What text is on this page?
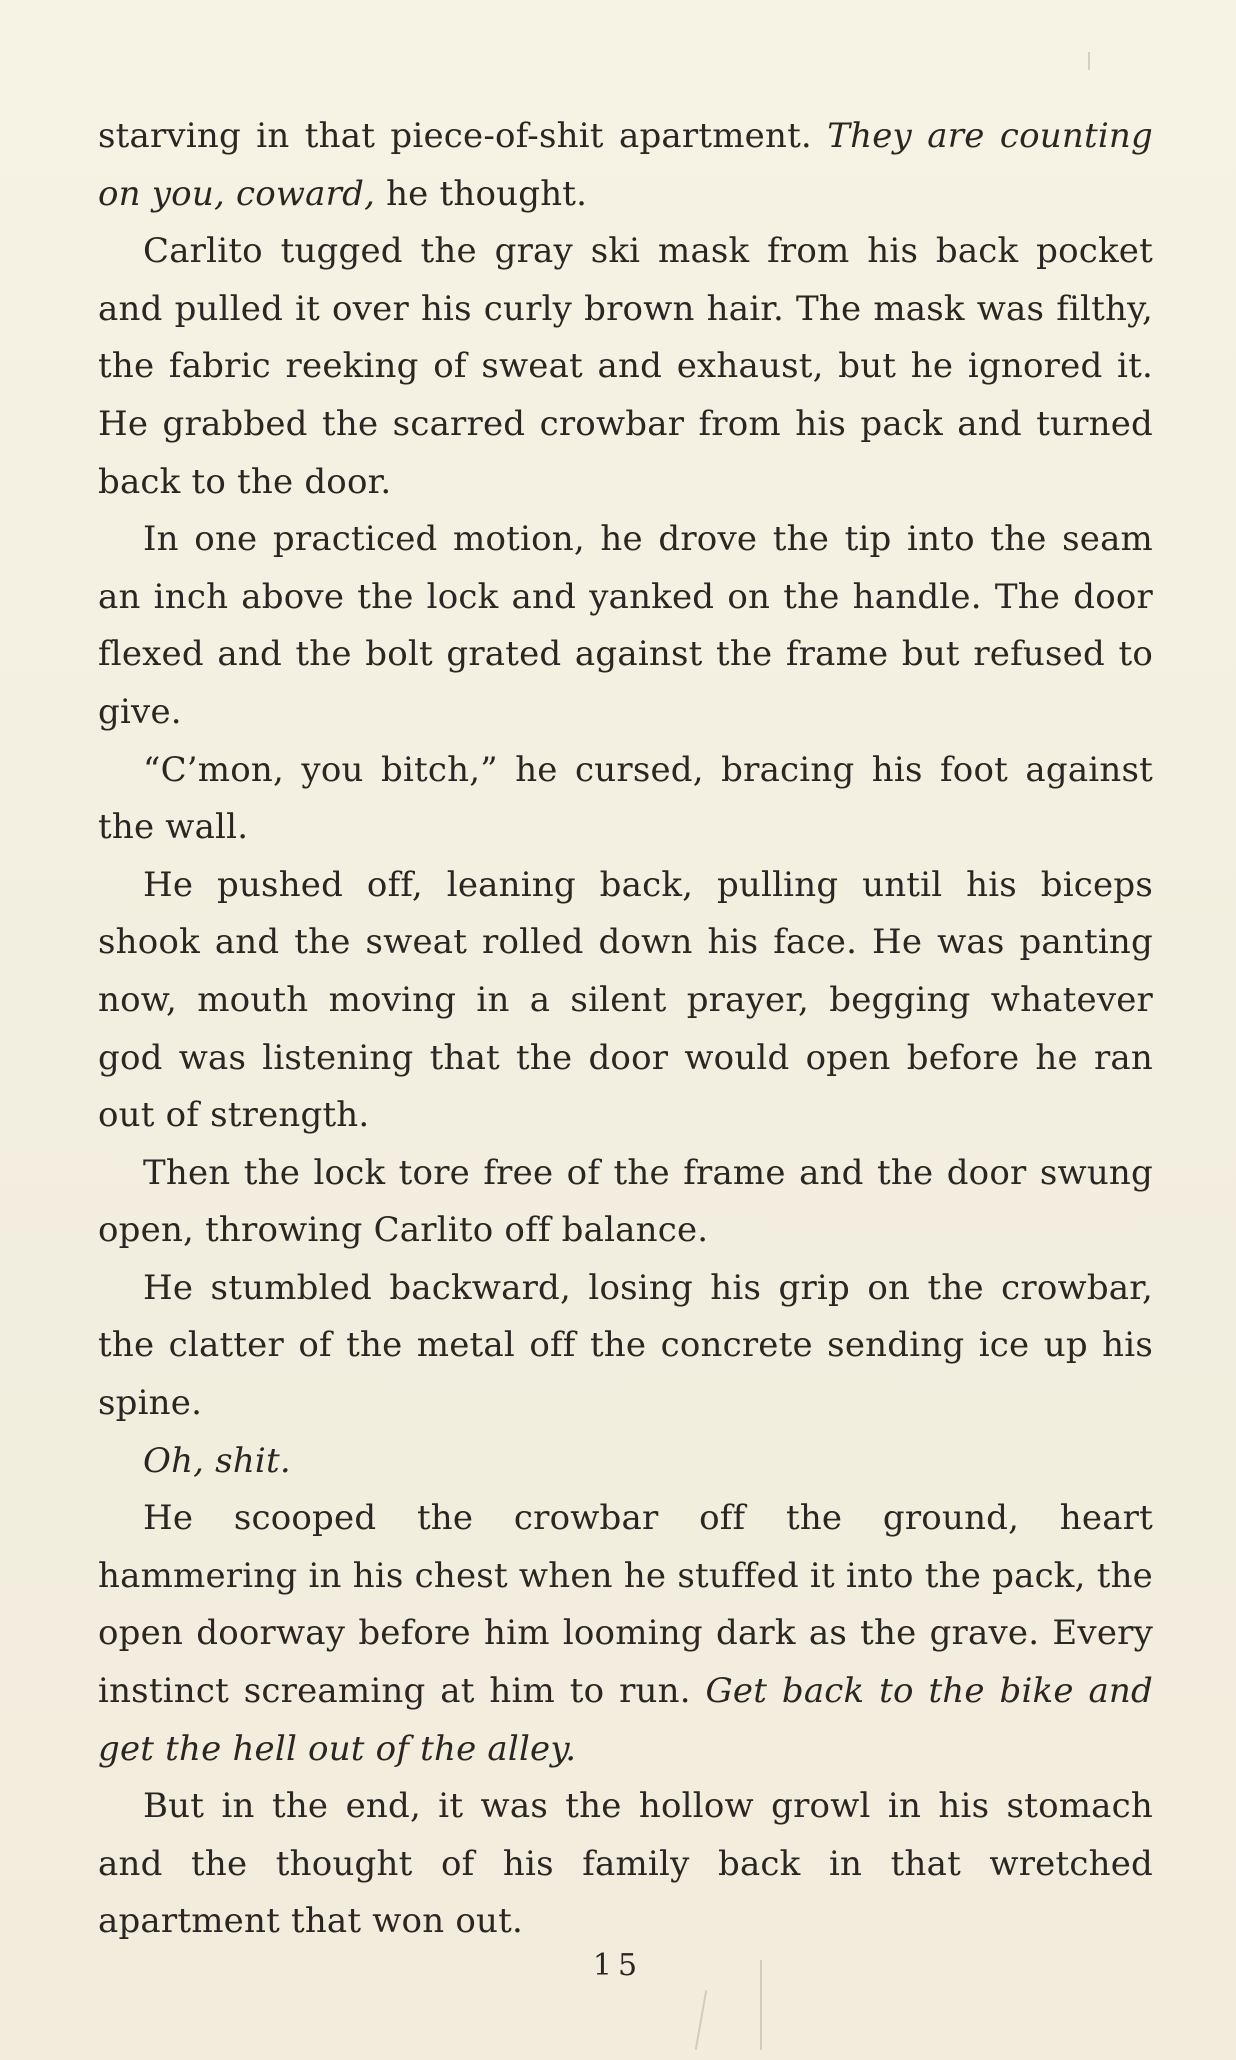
starving in that piece-of-shit apartment. They are counting on you, coward, he thought.

Carlito tugged the gray ski mask from his back pocket and pulled it over his curly brown hair. The mask was filthy, the fabric reeking of sweat and exhaust, but he ignored it. He grabbed the scarred crowbar from his pack and turned back to the door.

In one practiced motion, he drove the tip into the seam an inch above the lock and yanked on the handle. The door flexed and the bolt grated against the frame but refused to give.

“C’mon, you bitch,” he cursed, bracing his foot against the wall.

He pushed off, leaning back, pulling until his biceps shook and the sweat rolled down his face. He was panting now, mouth moving in a silent prayer, begging whatever god was listening that the door would open before he ran out of strength.

Then the lock tore free of the frame and the door swung open, throwing Carlito off balance.

He stumbled backward, losing his grip on the crowbar, the clatter of the metal off the concrete sending ice up his spine.

Oh, shit.

He scooped the crowbar off the ground, heart hammering in his chest when he stuffed it into the pack, the open doorway before him looming dark as the grave. Every instinct screaming at him to run. Get back to the bike and get the hell out of the alley.

But in the end, it was the hollow growl in his stomach and the thought of his family back in that wretched apartment that won out.

15
